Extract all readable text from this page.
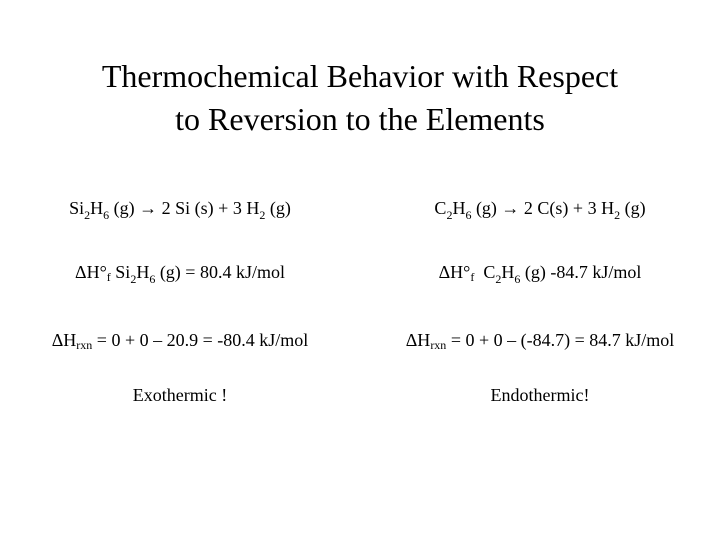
Thermochemical Behavior with Respect
to Reversion to the Elements
$Si_2H_6$ (g) → 2 Si (s) + 3 $H_2$ (g)
ΔH°f $Si_2H_6$ (g) = 80.4 kJ/mol
ΔHrxn = 0 + 0 – 20.9 = -80.4 kJ/mol
Exothermic !
$C_2H_6$ (g) → 2 C(s) + 3 $H_2$ (g)
ΔH°f  $C_2H_6$ (g) -84.7 kJ/mol
ΔHrxn = 0 + 0 – (-84.7) = 84.7 kJ/mol
Endothermic!
